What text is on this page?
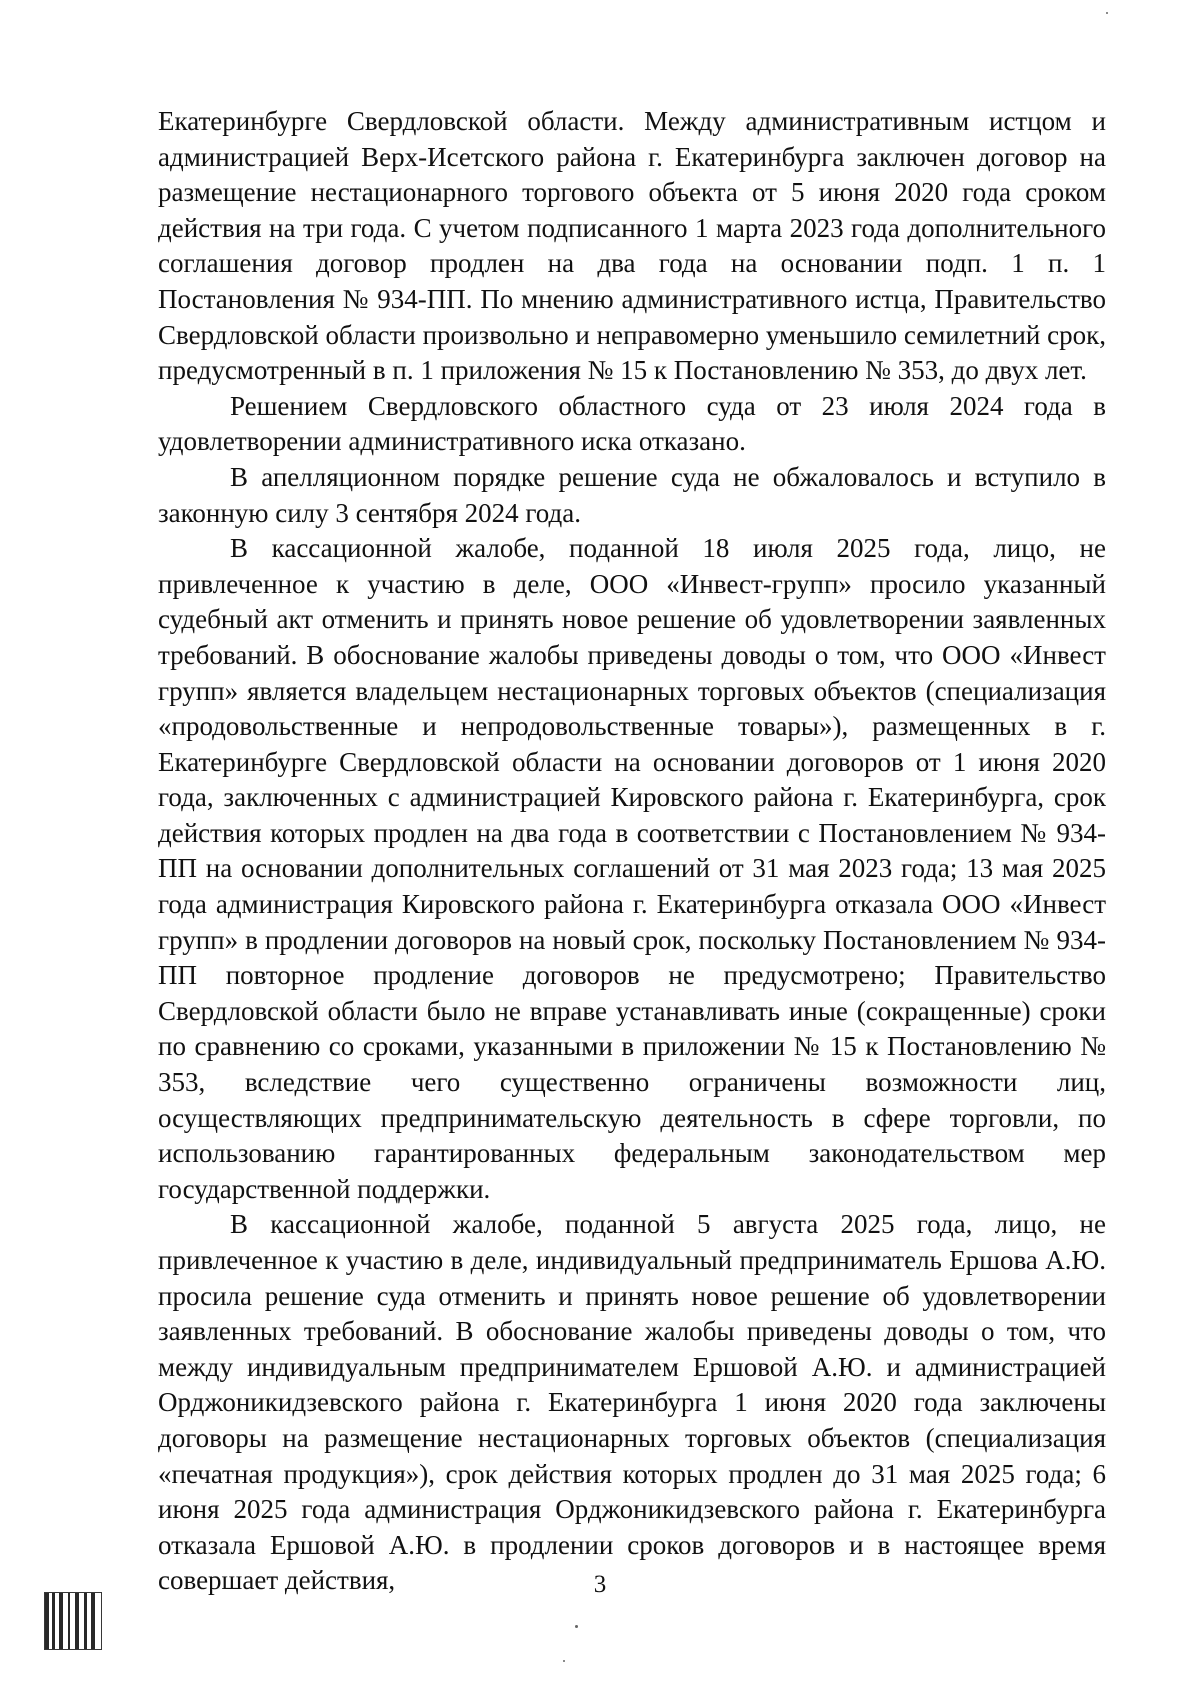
Екатеринбурге Свердловской области. Между административным истцом и администрацией Верх-Исетского района г. Екатеринбурга заключен договор на размещение нестационарного торгового объекта от 5 июня 2020 года сроком действия на три года. С учетом подписанного 1 марта 2023 года дополнительного соглашения договор продлен на два года на основании подп. 1 п. 1 Постановления № 934-ПП. По мнению административного истца, Правительство Свердловской области произвольно и неправомерно уменьшило семилетний срок, предусмотренный в п. 1 приложения № 15 к Постановлению № 353, до двух лет.

Решением Свердловского областного суда от 23 июля 2024 года в удовлетворении административного иска отказано.

В апелляционном порядке решение суда не обжаловалось и вступило в законную силу 3 сентября 2024 года.

В кассационной жалобе, поданной 18 июля 2025 года, лицо, не привлеченное к участию в деле, ООО «Инвест-групп» просило указанный судебный акт отменить и принять новое решение об удовлетворении заявленных требований. В обоснование жалобы приведены доводы о том, что ООО «Инвест групп» является владельцем нестационарных торговых объектов (специализация «продовольственные и непродовольственные товары»), размещенных в г. Екатеринбурге Свердловской области на основании договоров от 1 июня 2020 года, заключенных с администрацией Кировского района г. Екатеринбурга, срок действия которых продлен на два года в соответствии с Постановлением № 934-ПП на основании дополнительных соглашений от 31 мая 2023 года; 13 мая 2025 года администрация Кировского района г. Екатеринбурга отказала ООО «Инвест групп» в продлении договоров на новый срок, поскольку Постановлением № 934-ПП повторное продление договоров не предусмотрено; Правительство Свердловской области было не вправе устанавливать иные (сокращенные) сроки по сравнению со сроками, указанными в приложении № 15 к Постановлению № 353, вследствие чего существенно ограничены возможности лиц, осуществляющих предпринимательскую деятельность в сфере торговли, по использованию гарантированных федеральным законодательством мер государственной поддержки.

В кассационной жалобе, поданной 5 августа 2025 года, лицо, не привлеченное к участию в деле, индивидуальный предприниматель Ершова А.Ю. просила решение суда отменить и принять новое решение об удовлетворении заявленных требований. В обоснование жалобы приведены доводы о том, что между индивидуальным предпринимателем Ершовой А.Ю. и администрацией Орджоникидзевского района г. Екатеринбурга 1 июня 2020 года заключены договоры на размещение нестационарных торговых объектов (специализация «печатная продукция»), срок действия которых продлен до 31 мая 2025 года; 6 июня 2025 года администрация Орджоникидзевского района г. Екатеринбурга отказала Ершовой А.Ю. в продлении сроков договоров и в настоящее время совершает действия,	3
